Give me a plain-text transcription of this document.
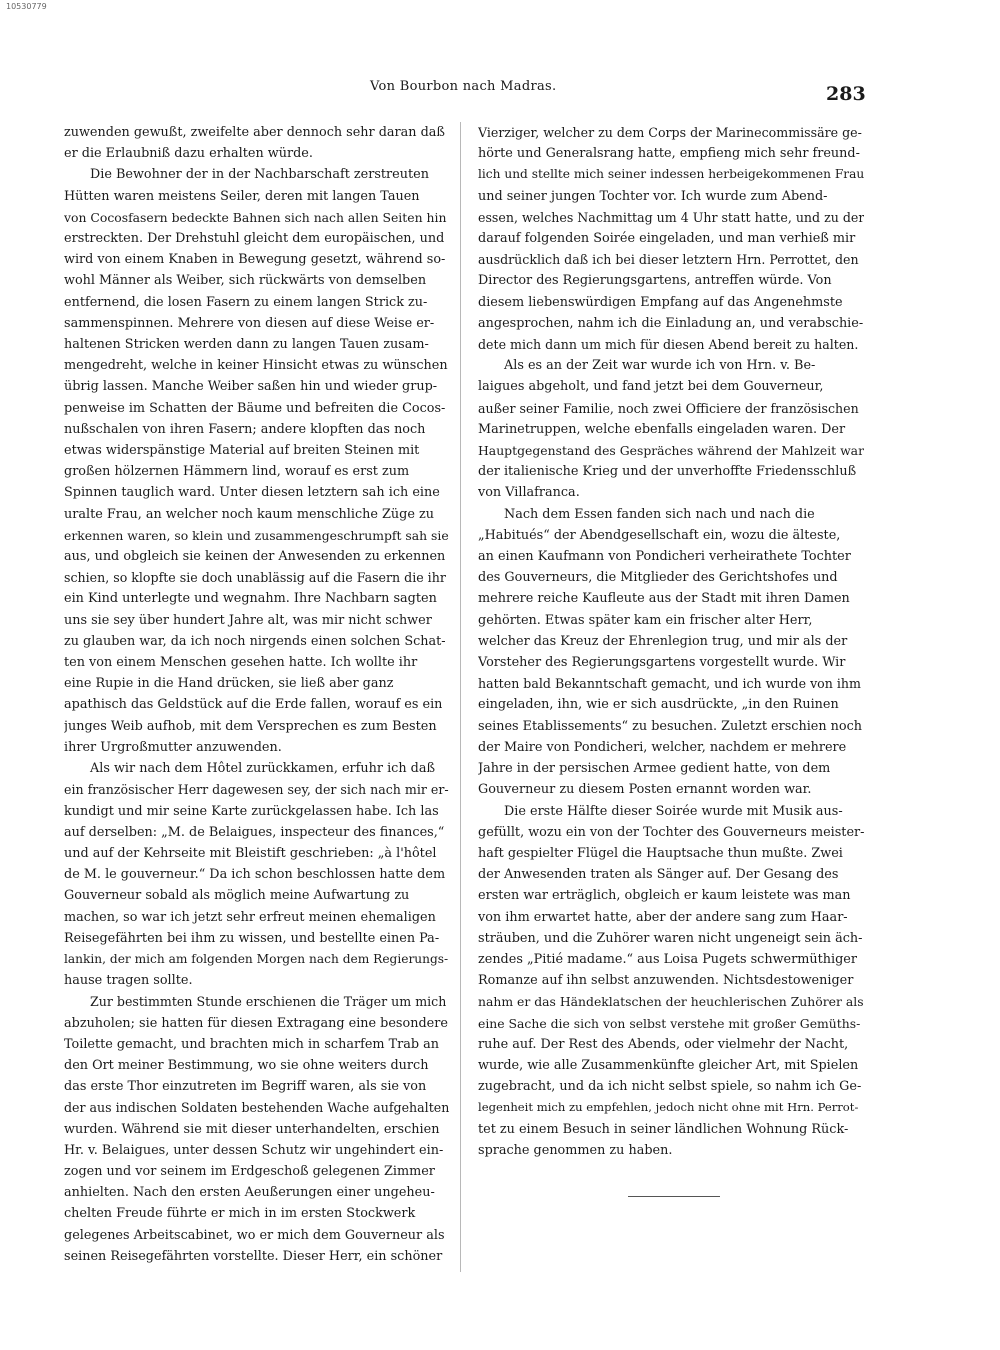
10530779
Von Bourbon nach Madras.	283
zuwenden gewußt, zweifelte aber dennoch sehr daran daß
er die Erlaubniß dazu erhalten würde.
Die Bewohner der in der Nachbarschaft zerstreuten
Hütten waren meistens Seiler, deren mit langen Tauen
von Cocosfasern bedeckte Bahnen sich nach allen Seiten hin
erstreckten. Der Drehstuhl gleicht dem europäischen, und
wird von einem Knaben in Bewegung gesetzt, während so-
wohl Männer als Weiber, sich rückwärts von demselben
entfernend, die losen Fasern zu einem langen Strick zu-
sammenspinnen. Mehrere von diesen auf diese Weise er-
haltenen Stricken werden dann zu langen Tauen zusam-
mengedreht, welche in keiner Hinsicht etwas zu wünschen
übrig lassen. Manche Weiber saßen hin und wieder grup-
penweise im Schatten der Bäume und befreiten die Cocos-
nußschalen von ihren Fasern; andere klopften das noch
etwas widerspänstige Material auf breiten Steinen mit
großen hölzernen Hämmern lind, worauf es erst zum
Spinnen tauglich ward. Unter diesen letztern sah ich eine
uralte Frau, an welcher noch kaum menschliche Züge zu
erkennen waren, so klein und zusammengeschrumpft sah sie
aus, und obgleich sie keinen der Anwesenden zu erkennen
schien, so klopfte sie doch unablässig auf die Fasern die ihr
ein Kind unterlegte und wegnahm. Ihre Nachbarn sagten
uns sie sey über hundert Jahre alt, was mir nicht schwer
zu glauben war, da ich noch nirgends einen solchen Schat-
ten von einem Menschen gesehen hatte. Ich wollte ihr
eine Rupie in die Hand drücken, sie ließ aber ganz
apathisch das Geldstück auf die Erde fallen, worauf es ein
junges Weib aufhob, mit dem Versprechen es zum Besten
ihrer Urgroßmutter anzuwenden.
Als wir nach dem Hôtel zurückkamen, erfuhr ich daß
ein französischer Herr dagewesen sey, der sich nach mir er-
kundigt und mir seine Karte zurückgelassen habe. Ich las
auf derselben: „M. de Belaigues, inspecteur des finances,“
und auf der Kehrseite mit Bleistift geschrieben: „à l'hôtel
de M. le gouverneur.“ Da ich schon beschlossen hatte dem
Gouverneur sobald als möglich meine Aufwartung zu
machen, so war ich jetzt sehr erfreut meinen ehemaligen
Reisegefährten bei ihm zu wissen, und bestellte einen Pa-
lankin, der mich am folgenden Morgen nach dem Regierungs-
hause tragen sollte.
Zur bestimmten Stunde erschienen die Träger um mich
abzuholen; sie hatten für diesen Extragang eine besondere
Toilette gemacht, und brachten mich in scharfem Trab an
den Ort meiner Bestimmung, wo sie ohne weiters durch
das erste Thor einzutreten im Begriff waren, als sie von
der aus indischen Soldaten bestehenden Wache aufgehalten
wurden. Während sie mit dieser unterhandelten, erschien
Hr. v. Belaigues, unter dessen Schutz wir ungehindert ein-
zogen und vor seinem im Erdgeschoß gelegenen Zimmer
anhielten. Nach den ersten Aeußerungen einer ungeheu-
chelten Freude führte er mich in im ersten Stockwerk
gelegenes Arbeitscabinet, wo er mich dem Gouverneur als
seinen Reisegefährten vorstellte. Dieser Herr, ein schöner
Vierziger, welcher zu dem Corps der Marinecommissäre ge-
hörte und Generalsrang hatte, empfieng mich sehr freund-
lich und stellte mich seiner indessen herbeigekommenen Frau
und seiner jungen Tochter vor. Ich wurde zum Abend-
essen, welches Nachmittag um 4 Uhr statt hatte, und zu der
darauf folgenden Soirée eingeladen, und man verhieß mir
ausdrücklich daß ich bei dieser letztern Hrn. Perrottet, den
Director des Regierungsgartens, antreffen würde. Von
diesem liebenswürdigen Empfang auf das Angenehmste
angesprochen, nahm ich die Einladung an, und verabschie-
dete mich dann um mich für diesen Abend bereit zu halten.
Als es an der Zeit war wurde ich von Hrn. v. Be-
laigues abgeholt, und fand jetzt bei dem Gouverneur,
außer seiner Familie, noch zwei Officiere der französischen
Marinetruppen, welche ebenfalls eingeladen waren. Der
Hauptgegenstand des Gespräches während der Mahlzeit war
der italienische Krieg und der unverhoffte Friedensschluß
von Villafranca.
Nach dem Essen fanden sich nach und nach die
„Habitués“ der Abendgesellschaft ein, wozu die älteste,
an einen Kaufmann von Pondicheri verheirathete Tochter
des Gouverneurs, die Mitglieder des Gerichtshofes und
mehrere reiche Kaufleute aus der Stadt mit ihren Damen
gehörten. Etwas später kam ein frischer alter Herr,
welcher das Kreuz der Ehrenlegion trug, und mir als der
Vorsteher des Regierungsgartens vorgestellt wurde. Wir
hatten bald Bekanntschaft gemacht, und ich wurde von ihm
eingeladen, ihn, wie er sich ausdrückte, „in den Ruinen
seines Etablissements“ zu besuchen. Zuletzt erschien noch
der Maire von Pondicheri, welcher, nachdem er mehrere
Jahre in der persischen Armee gedient hatte, von dem
Gouverneur zu diesem Posten ernannt worden war.
Die erste Hälfte dieser Soirée wurde mit Musik aus-
gefüllt, wozu ein von der Tochter des Gouverneurs meister-
haft gespielter Flügel die Hauptsache thun mußte. Zwei
der Anwesenden traten als Sänger auf. Der Gesang des
ersten war erträglich, obgleich er kaum leistete was man
von ihm erwartet hatte, aber der andere sang zum Haar-
sträuben, und die Zuhörer waren nicht ungeneigt sein äch-
zendes „Pitié madame.“ aus Loisa Pugets schwermüthiger
Romanze auf ihn selbst anzuwenden. Nichtsdestoweniger
nahm er das Händeklatschen der heuchlerischen Zuhörer als
eine Sache die sich von selbst verstehe mit großer Gemüths-
ruhe auf. Der Rest des Abends, oder vielmehr der Nacht,
wurde, wie alle Zusammenkünfte gleicher Art, mit Spielen
zugebracht, und da ich nicht selbst spiele, so nahm ich Ge-
legenheit mich zu empfehlen, jedoch nicht ohne mit Hrn. Perrot-
tet zu einem Besuch in seiner ländlichen Wohnung Rück-
sprache genommen zu haben.
